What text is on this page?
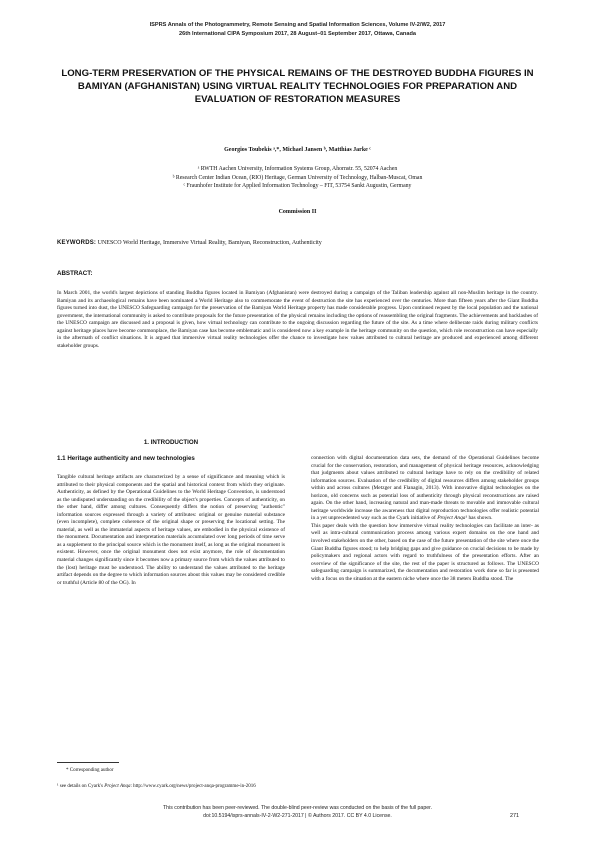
ISPRS Annals of the Photogrammetry, Remote Sensing and Spatial Information Sciences, Volume IV-2/W2, 2017
26th International CIPA Symposium 2017, 28 August–01 September 2017, Ottawa, Canada
LONG-TERM PRESERVATION OF THE PHYSICAL REMAINS OF THE DESTROYED BUDDHA FIGURES IN BAMIYAN (AFGHANISTAN) USING VIRTUAL REALITY TECHNOLOGIES FOR PREPARATION AND EVALUATION OF RESTORATION MEASURES
Georgios Toubekis ᵃ,*, Michael Jansen ᵇ, Matthias Jarke ᶜ
ᵃ RWTH Aachen University, Information Systems Group, Ahornstr. 55, 52074 Aachen
ᵇ Research Center Indian Ocean, (RIO) Heritage, German University of Technology, Halban-Muscat, Oman
ᶜ Fraunhofer Institute for Applied Information Technology – FIT, 53754 Sankt Augustin, Germany
Commission II
KEYWORDS: UNESCO World Heritage, Immersive Virtual Reality, Bamiyan, Reconstruction, Authenticity
ABSTRACT:
In March 2001, the world's largest depictions of standing Buddha figures located in Bamiyan (Afghanistan) were destroyed during a campaign of the Taliban leadership against all non-Muslim heritage in the country. Bamiyan and its archaeological remains have been nominated a World Heritage also to commemorate the event of destruction the site has experienced over the centuries. More than fifteen years after the Giant Buddha figures turned into dust, the UNESCO Safeguarding campaign for the preservation of the Bamiyan World Heritage property has made considerable progress. Upon continued request by the local population and the national government, the international community is asked to contribute proposals for the future presentation of the physical remains including the options of reassembling the original fragments. The achievements and backlashes of the UNESCO campaign are discussed and a proposal is given, how virtual technology can contribute to the ongoing discussion regarding the future of the site. As a time where deliberate raids during military conflicts against heritage places have become commonplace, the Bamiyan case has become emblematic and is considered now a key example in the heritage community on the question, which role reconstruction can have especially in the aftermath of conflict situations. It is argued that immersive virtual reality technologies offer the chance to investigate how values attributed to cultural heritage are produced and experienced among different stakeholder groups.
1. INTRODUCTION
1.1 Heritage authenticity and new technologies
Tangible cultural heritage artifacts are characterized by a sense of significance and meaning which is attributed to their physical components and the spatial and historical context from which they originate. Authenticity, as defined by the Operational Guidelines to the World Heritage Convention, is understood as the undisputed understanding on the credibility of the object's properties. Concepts of authenticity, on the other hand, differ among cultures. Consequently differs the notion of preserving "authentic" information sources expressed through a variety of attributes: original or genuine material substance (even incomplete), complete coherence of the original shape or preserving the locational setting. The material, as well as the immaterial aspects of heritage values, are embodied in the physical existence of the monument. Documentation and interpretation materials accumulated over long periods of time serve as a supplement to the principal source which is the monument itself, as long as the original monument is existent. However, once the original monument does not exist anymore, the role of documentation material changes significantly since it becomes now a primary source from which the values attributed to the (lost) heritage must be understood. The ability to understand the values attributed to the heritage artifact depends on the degree to which information sources about this values may be considered credible or truthful (Article 80 of the OG). In
connection with digital documentation data sets, the demand of the Operational Guidelines become crucial for the conservation, restoration, and management of physical heritage resources, acknowledging that judgments about values attributed to cultural heritage have to rely on the credibility of related information sources. Evaluation of the credibility of digital resources differs among stakeholder groups within and across cultures (Metzger and Flanagin, 2013). With innovative digital technologies on the horizon, old concerns such as potential loss of authenticity through physical reconstructions are raised again. On the other hand, increasing natural and man-made threats to movable and immovable cultural heritage worldwide increase the awareness that digital reproduction technologies offer realistic potential in a yet unprecedented way such as the Cyark initiative of Project Anqa¹ has shown.
This paper deals with the question how immersive virtual reality technologies can facilitate an inter- as well as intra-cultural communication process among various expert domains on the one hand and involved stakeholders on the other, based on the case of the future presentation of the site where once the Giant Buddha figures stood; to help bridging gaps and give guidance on crucial decisions to be made by policymakers and regional actors with regard to truthfulness of the presentation efforts. After an overview of the significance of the site, the rest of the paper is structured as follows. The UNESCO safeguarding campaign is summarized, the documentation and restoration work done so far is presented with a focus on the situation at the eastern niche where once the 38 meters Buddha stood. The
* Corresponding author
¹ see details on Cyark's Project Anqa: http://www.cyark.org/news/project-anqa-programme-in-2016
This contribution has been peer-reviewed. The double-blind peer-review was conducted on the basis of the full paper.
doi:10.5194/isprs-annals-IV-2-W2-271-2017 | © Authors 2017. CC BY 4.0 License.	271
